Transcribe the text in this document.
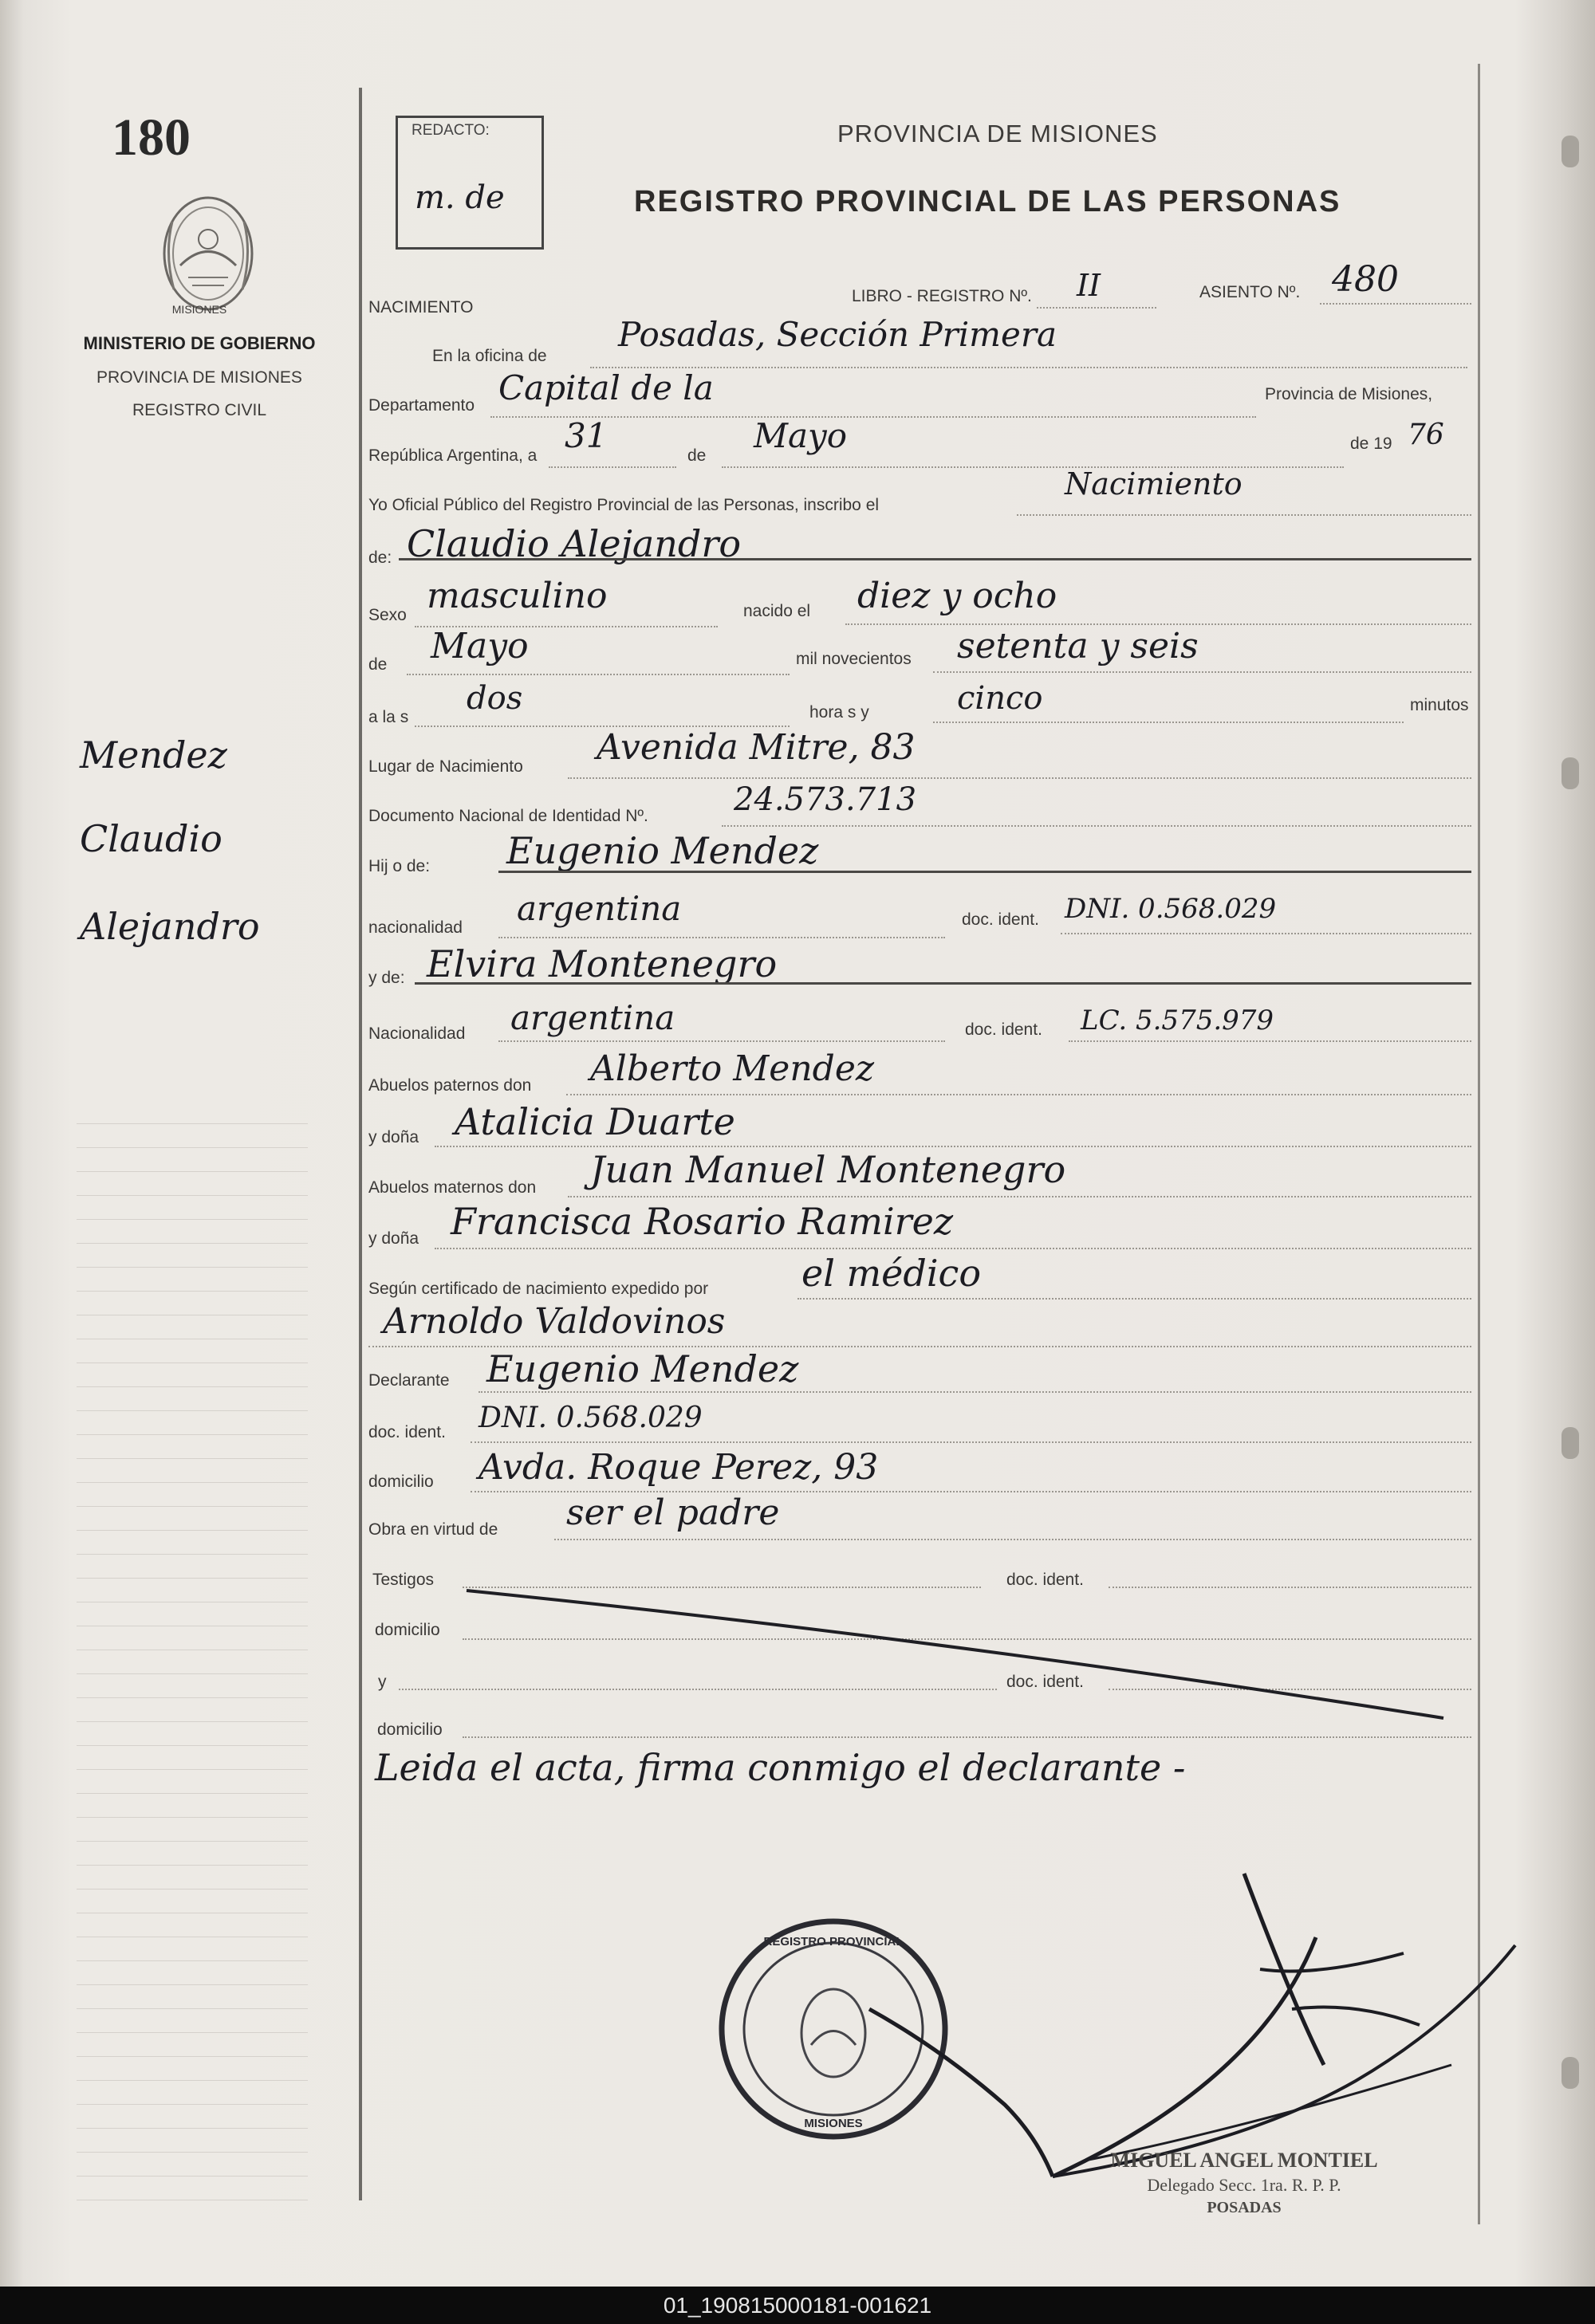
180
MISIONES
MINISTERIO DE GOBIERNO
PROVINCIA DE MISIONES
REGISTRO CIVIL
Mendez
Claudio
Alejandro
REDACTO:
m. de
PROVINCIA DE MISIONES
REGISTRO PROVINCIAL DE LAS PERSONAS
NACIMIENTO
LIBRO - REGISTRO Nº. II	ASIENTO Nº. 480
En la oficina de
Posadas, Sección Primera
Departamento Capital de la	Provincia de Misiones,
República Argentina, a
31
de
Mayo	de 19 76
Yo Oficial Público del Registro Provincial de las Personas, inscribo el
Nacimiento
de: Claudio Alejandro
Sexo masculino	nacido el diez y ocho
de Mayo	mil novecientos setenta y seis
a la s
dos	hora s y	cinco	minutos
Lugar de Nacimiento Avenida Mitre, 83
Documento Nacional de Identidad Nº.	24.573.713
Hij o de: Eugenio Mendez
nacionalidad argentina	doc. ident. DNI. 0.568.029
y de: Elvira Montenegro
Nacionalidad argentina	doc. ident. LC. 5.575.979
Abuelos paternos don Alberto Mendez
y doña Atalicia Duarte
Abuelos maternos don Juan Manuel Montenegro
y doña Francisca Rosario Ramirez
Según certificado de nacimiento expedido por	el médico
Arnoldo Valdovinos
Declarante Eugenio Mendez
doc. ident. DNI. 0.568.029
domicilio Avda. Roque Perez, 93
Obra en virtud de ser el padre
Testigos	doc. ident.
domicilio
y	doc. ident.
domicilio
Leida el acta, firma conmigo el declarante -
REGISTRO PROVINCIAL
MISIONES
MIGUEL ANGEL MONTIEL
Delegado Secc. 1ra. R. P. P.
POSADAS
01_190815000181-001621
